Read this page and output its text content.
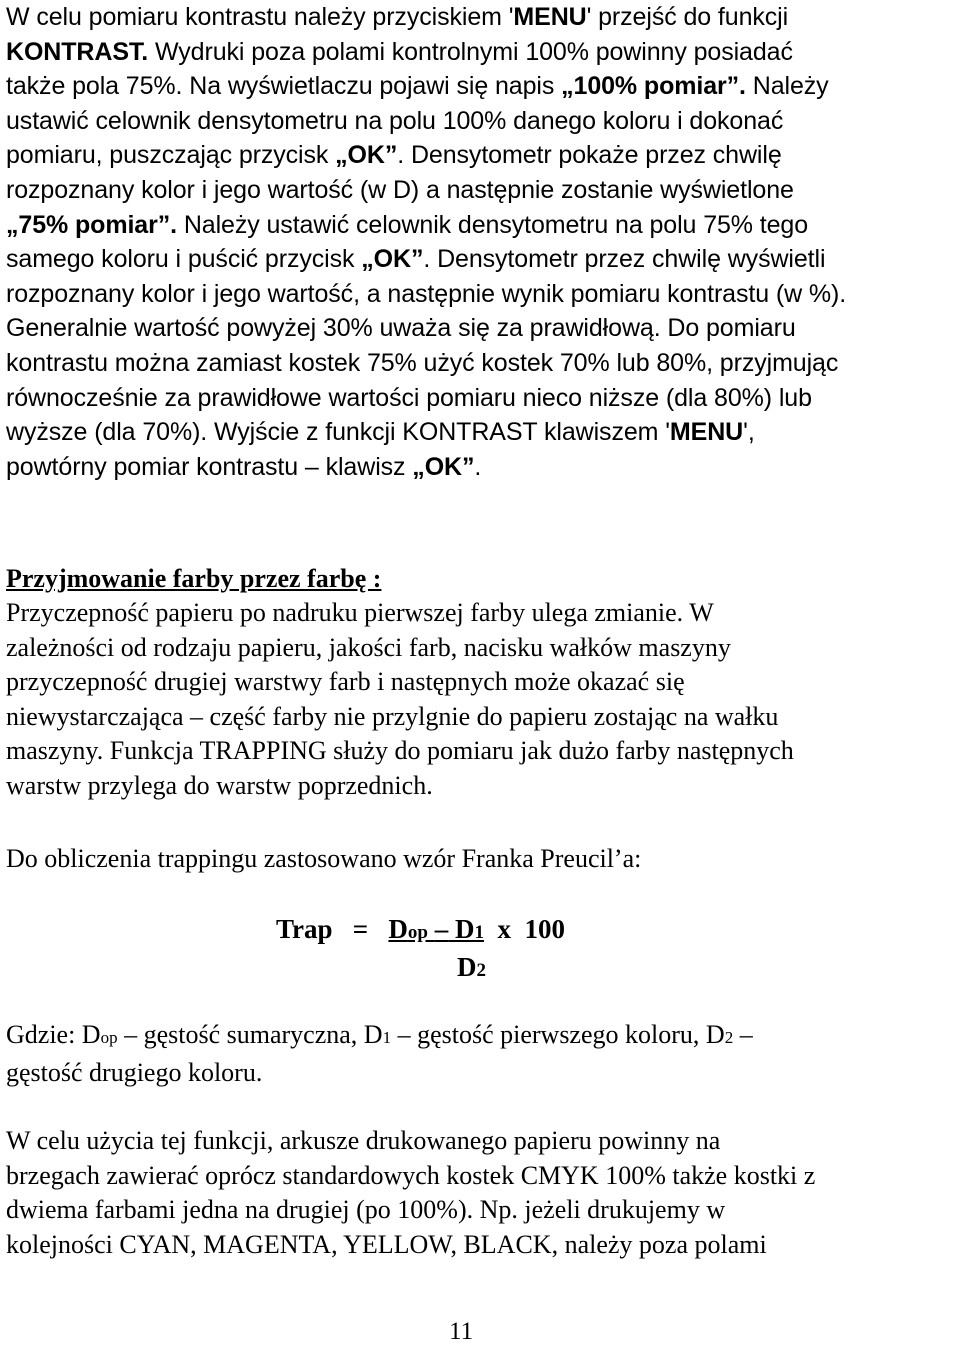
W celu pomiaru kontrastu należy przyciskiem 'MENU' przejść do funkcji
KONTRAST. Wydruki poza polami kontrolnymi 100% powinny posiadać
także pola 75%. Na wyświetlaczu pojawi się napis „100% pomiar”. Należy
ustawić celownik densytometru na polu 100% danego koloru i dokonać
pomiaru, puszczając przycisk „OK”. Densytometr pokaże przez chwilę
rozpoznany kolor i jego wartość (w D) a następnie zostanie wyświetlone
„75% pomiar”. Należy ustawić celownik densytometru na polu 75% tego
samego koloru i puścić przycisk „OK”. Densytometr przez chwilę wyświetli
rozpoznany kolor i jego wartość, a następnie wynik pomiaru kontrastu (w %).
Generalnie wartość powyżej 30% uważa się za prawidłową. Do pomiaru
kontrastu można zamiast kostek 75% użyć kostek 70% lub 80%, przyjmując
równocześnie za prawidłowe wartości pomiaru nieco niższe (dla 80%) lub
wyższe (dla 70%). Wyjście z funkcji KONTRAST klawiszem 'MENU',
powtórny pomiar kontrastu – klawisz „OK”.
Przyjmowanie farby przez farbę :
Przyczepność papieru po nadruku pierwszej farby ulega zmianie. W
zależności od rodzaju papieru, jakości farb, nacisku wałków maszyny
przyczepność drugiej warstwy farb i następnych może okazać się
niewystarczająca – część farby nie przylgnie do papieru zostając na wałku
maszyny. Funkcja TRAPPING służy do pomiaru jak dużo farby następnych
warstw przylega do warstw poprzednich.
Do obliczenia trappingu zastosowano wzór Franka Preucil’a:
Trap = Dop – D1 x 100
D2
Gdzie: Dop – gęstość sumaryczna, D1 – gęstość pierwszego koloru, D2 –
gęstość drugiego koloru.
W celu użycia tej funkcji, arkusze drukowanego papieru powinny na
brzegach zawierać oprócz standardowych kostek CMYK 100% także kostki z
dwiema farbami jedna na drugiej (po 100%). Np. jeżeli drukujemy w
kolejności CYAN, MAGENTA, YELLOW, BLACK, należy poza polami
11
